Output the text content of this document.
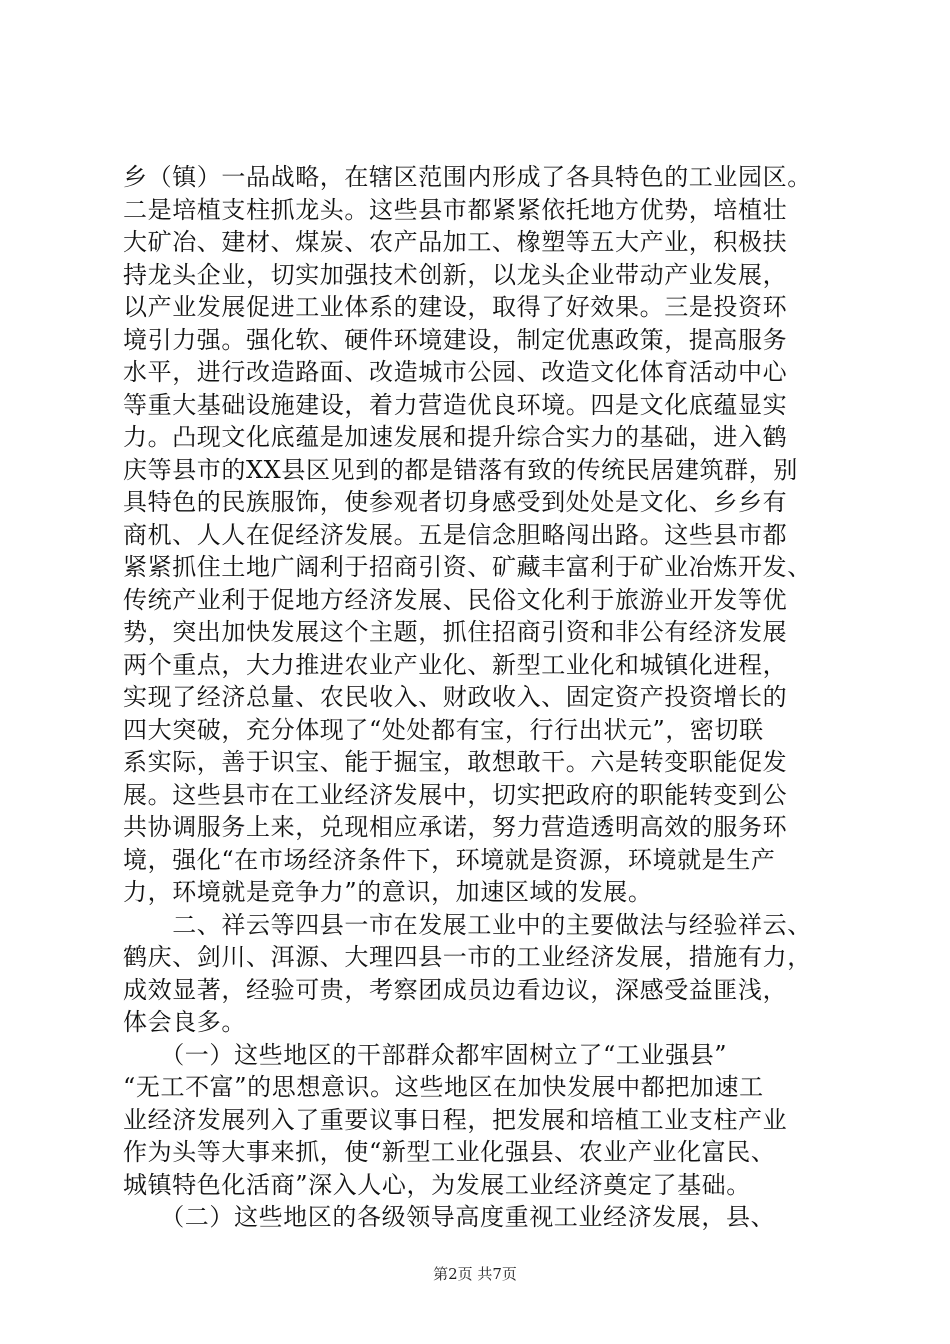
乡（镇）一品战略，在辖区范围内形成了各具特色的工业园区。
二是培植支柱抓龙头。这些县市都紧紧依托地方优势，培植壮
大矿冶、建材、煤炭、农产品加工、橡塑等五大产业，积极扶
持龙头企业，切实加强技术创新，以龙头企业带动产业发展，
以产业发展促进工业体系的建设，取得了好效果。三是投资环
境引力强。强化软、硬件环境建设，制定优惠政策，提高服务
水平，进行改造路面、改造城市公园、改造文化体育活动中心
等重大基础设施建设，着力营造优良环境。四是文化底蕴显实
力。凸现文化底蕴是加速发展和提升综合实力的基础，进入鹤
庆等县市的XX县区见到的都是错落有致的传统民居建筑群，别
具特色的民族服饰，使参观者切身感受到处处是文化、乡乡有
商机、人人在促经济发展。五是信念胆略闯出路。这些县市都
紧紧抓住土地广阔利于招商引资、矿藏丰富利于矿业冶炼开发、
传统产业利于促地方经济发展、民俗文化利于旅游业开发等优
势，突出加快发展这个主题，抓住招商引资和非公有经济发展
两个重点，大力推进农业产业化、新型工业化和城镇化进程，
实现了经济总量、农民收入、财政收入、固定资产投资增长的
四大突破，充分体现了“处处都有宝，行行出状元”，密切联
系实际，善于识宝、能于掘宝，敢想敢干。六是转变职能促发
展。这些县市在工业经济发展中，切实把政府的职能转变到公
共协调服务上来，兑现相应承诺，努力营造透明高效的服务环
境，强化“在市场经济条件下，环境就是资源，环境就是生产
力，环境就是竞争力”的意识，加速区域的发展。
　　二、祥云等四县一市在发展工业中的主要做法与经验祥云、
鹤庆、剑川、洱源、大理四县一市的工业经济发展，措施有力，
成效显著，经验可贵，考察团成员边看边议，深感受益匪浅，
体会良多。
　　（一）这些地区的干部群众都牢固树立了“工业强县”
“无工不富”的思想意识。这些地区在加快发展中都把加速工
业经济发展列入了重要议事日程，把发展和培植工业支柱产业
作为头等大事来抓，使“新型工业化强县、农业产业化富民、
城镇特色化活商”深入人心，为发展工业经济奠定了基础。
　　（二）这些地区的各级领导高度重视工业经济发展，县、
第2页 共7页
